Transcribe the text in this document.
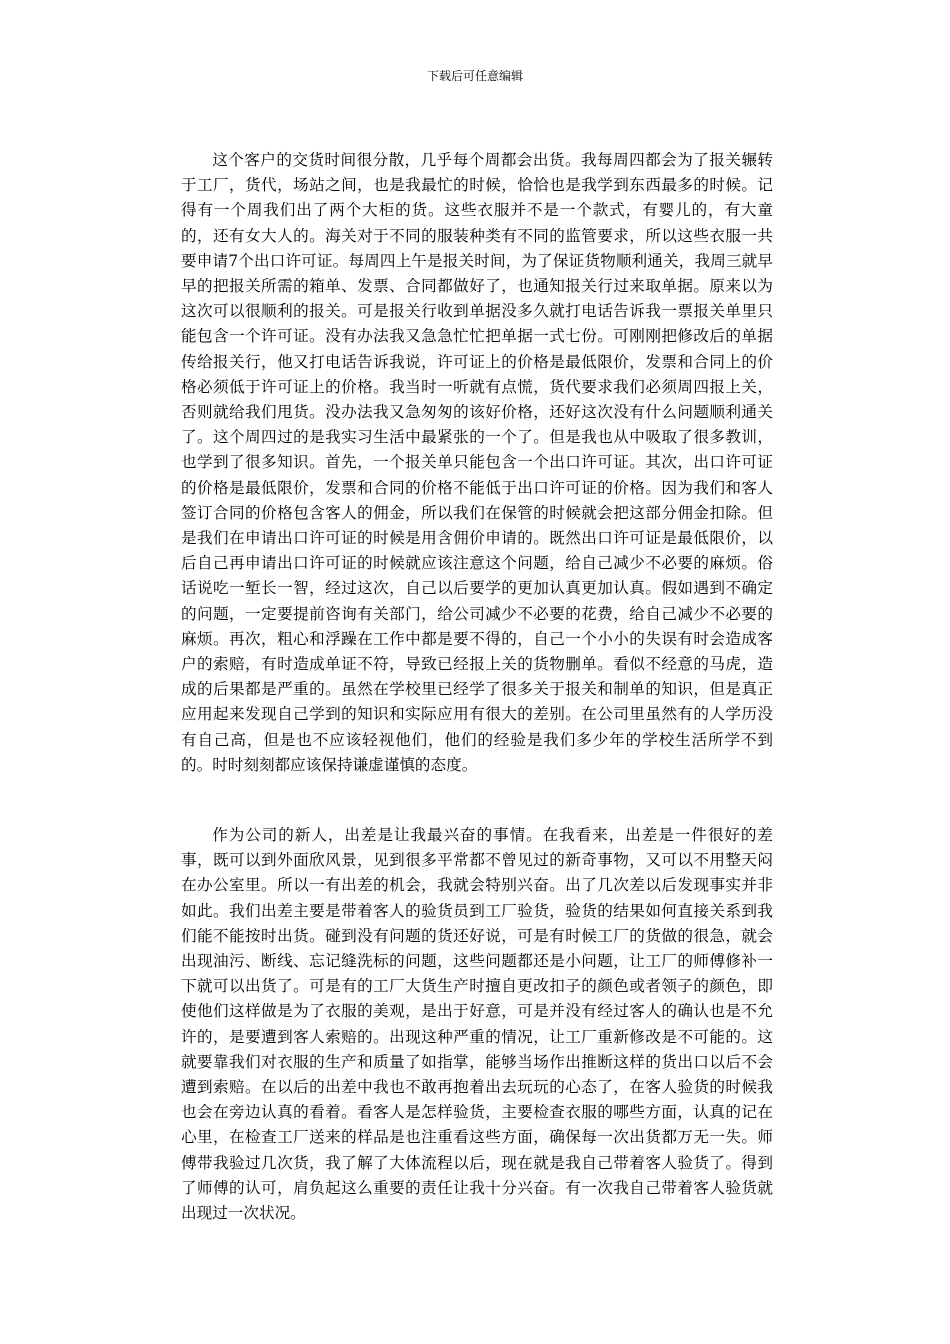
下载后可任意编辑

这个客户的交货时间很分散，几乎每个周都会出货。我每周四都会为了报关辗转于工厂，货代，场站之间，也是我最忙的时候，恰恰也是我学到东西最多的时候。记得有一个周我们出了两个大柜的货。这些衣服并不是一个款式，有婴儿的，有大童的，还有女大人的。海关对于不同的服装种类有不同的监管要求，所以这些衣服一共要申请7个出口许可证。每周四上午是报关时间，为了保证货物顺利通关，我周三就早早的把报关所需的箱单、发票、合同都做好了，也通知报关行过来取单据。原来以为这次可以很顺利的报关。可是报关行收到单据没多久就打电话告诉我一票报关单里只能包含一个许可证。没有办法我又急急忙忙把单据一式七份。可刚刚把修改后的单据传给报关行，他又打电话告诉我说，许可证上的价格是最低限价，发票和合同上的价格必须低于许可证上的价格。我当时一听就有点慌，货代要求我们必须周四报上关，否则就给我们甩货。没办法我又急匆匆的该好价格，还好这次没有什么问题顺利通关了。这个周四过的是我实习生活中最紧张的一个了。但是我也从中吸取了很多教训，也学到了很多知识。首先，一个报关单只能包含一个出口许可证。其次，出口许可证的价格是最低限价，发票和合同的价格不能低于出口许可证的价格。因为我们和客人签订合同的价格包含客人的佣金，所以我们在保管的时候就会把这部分佣金扣除。但是我们在申请出口许可证的时候是用含佣价申请的。既然出口许可证是最低限价，以后自己再申请出口许可证的时候就应该注意这个问题，给自己减少不必要的麻烦。俗话说吃一堑长一智，经过这次，自己以后要学的更加认真更加认真。假如遇到不确定的问题，一定要提前咨询有关部门，给公司减少不必要的花费，给自己减少不必要的麻烦。再次，粗心和浮躁在工作中都是要不得的，自己一个小小的失误有时会造成客户的索赔，有时造成单证不符，导致已经报上关的货物删单。看似不经意的马虎，造成的后果都是严重的。虽然在学校里已经学了很多关于报关和制单的知识，但是真正应用起来发现自己学到的知识和实际应用有很大的差别。在公司里虽然有的人学历没有自己高，但是也不应该轻视他们，他们的经验是我们多少年的学校生活所学不到的。时时刻刻都应该保持谦虚谨慎的态度。

作为公司的新人，出差是让我最兴奋的事情。在我看来，出差是一件很好的差事，既可以到外面欣风景，见到很多平常都不曾见过的新奇事物，又可以不用整天闷在办公室里。所以一有出差的机会，我就会特别兴奋。出了几次差以后发现事实并非如此。我们出差主要是带着客人的验货员到工厂验货，验货的结果如何直接关系到我们能不能按时出货。碰到没有问题的货还好说，可是有时候工厂的货做的很急，就会出现油污、断线、忘记缝洗标的问题，这些问题都还是小问题，让工厂的师傅修补一下就可以出货了。可是有的工厂大货生产时擅自更改扣子的颜色或者领子的颜色，即使他们这样做是为了衣服的美观，是出于好意，可是并没有经过客人的确认也是不允许的，是要遭到客人索赔的。出现这种严重的情况，让工厂重新修改是不可能的。这就要靠我们对衣服的生产和质量了如指掌，能够当场作出推断这样的货出口以后不会遭到索赔。在以后的出差中我也不敢再抱着出去玩玩的心态了，在客人验货的时候我也会在旁边认真的看着。看客人是怎样验货，主要检查衣服的哪些方面，认真的记在心里，在检查工厂送来的样品是也注重看这些方面，确保每一次出货都万无一失。师傅带我验过几次货，我了解了大体流程以后，现在就是我自己带着客人验货了。得到了师傅的认可，肩负起这么重要的责任让我十分兴奋。有一次我自己带着客人验货就出现过一次状况。
